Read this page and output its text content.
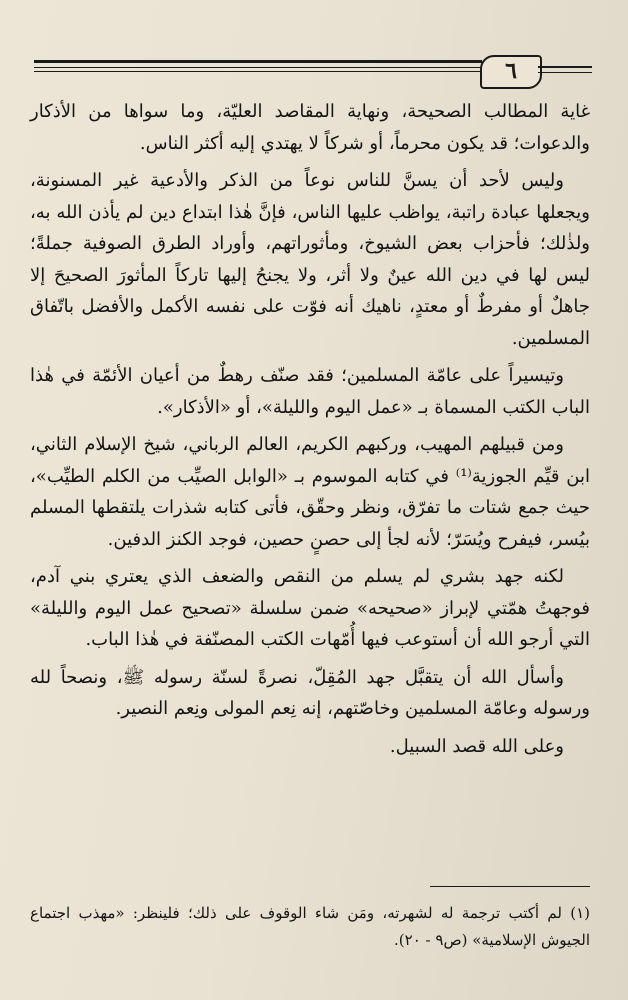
٦

غاية المطالب الصحيحة، ونهاية المقاصد العليّة، وما سواها من الأذكار والدعوات؛ قد يكون محرماً، أو شركاً لا يهتدي إليه أكثر الناس.

وليس لأحد أن يسنَّ للناس نوعاً من الذكر والأدعية غير المسنونة، ويجعلها عبادة راتبة، يواظب عليها الناس، فإنَّ هٰذا ابتداع دين لم يأذن الله به، ولذٰلك؛ فأحزاب بعض الشيوخ، ومأثوراتهم، وأوراد الطرق الصوفية جملةً؛ ليس لها في دين الله عينٌ ولا أثر، ولا يجنحُ إليها تاركاً المأثورَ الصحيحَ إلا جاهلٌ أو مفرطٌ أو معتدٍ، ناهيك أنه فوّت على نفسه الأكمل والأفضل باتّفاق المسلمين.

وتيسيراً على عامّة المسلمين؛ فقد صنّف رهطٌ من أعيان الأئمّة في هٰذا الباب الكتب المسماة بـ «عمل اليوم والليلة»، أو «الأذكار».

ومن قبيلهم المهيب، وركبهم الكريم، العالم الرباني، شيخ الإسلام الثاني، ابن قيِّم الجوزية⁽¹⁾ في كتابه الموسوم بـ «الوابل الصيِّب من الكلم الطيِّب»، حيث جمع شتات ما تفرّق، ونظر وحقّق، فأتى كتابه شذرات يلتقطها المسلم بيُسر، فيفرح ويُسَرّ؛ لأنه لجأ إلى حصنٍ حصين، فوجد الكنز الدفين.

لكنه جهد بشري لم يسلم من النقص والضعف الذي يعتري بني آدم، فوجهتُ همّتي لإبراز «صحيحه» ضمن سلسلة «تصحيح عمل اليوم والليلة» التي أرجو الله أن أستوعب فيها أُمّهات الكتب المصنّفة في هٰذا الباب.

وأسأل الله أن يتقبَّل جهد المُقِلّ، نصرةً لسنّة رسوله ﷺ، ونصحاً لله ورسوله وعامّة المسلمين وخاصّتهم، إنه نِعم المولى ونِعم النصير.

وعلى الله قصد السبيل.

(١) لم أكتب ترجمة له لشهرته، ومَن شاء الوقوف على ذلك؛ فلينظر: «مهذب اجتماع الجيوش الإسلامية» (ص٩ - ٢٠).
